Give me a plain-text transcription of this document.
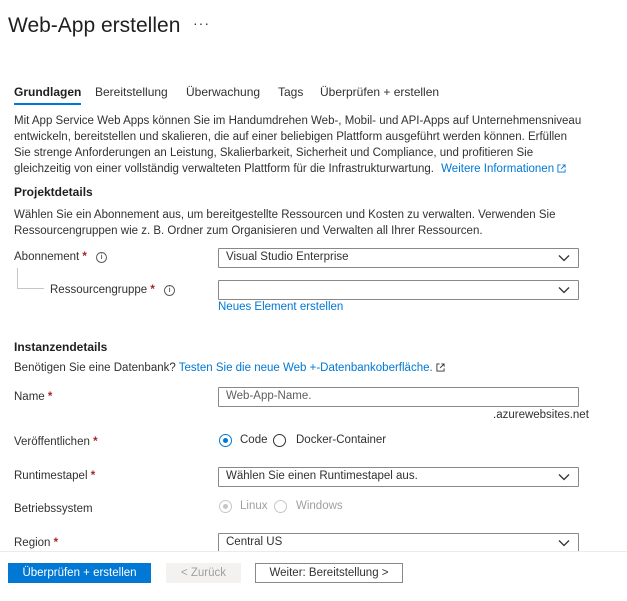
Web-App erstellen ···
Grundlagen Bereitstellung Überwachung Tags Überprüfen + erstellen
Mit App Service Web Apps können Sie im Handumdrehen Web-, Mobil- und API-Apps auf Unternehmensniveau entwickeln, bereitstellen und skalieren, die auf einer beliebigen Plattform ausgeführt werden können. Erfüllen Sie strenge Anforderungen an Leistung, Skalierbarkeit, Sicherheit und Compliance, und profitieren Sie gleichzeitig von einer vollständig verwalteten Plattform für die Infrastrukturwartung. Weitere Informationen
Projektdetails
Wählen Sie ein Abonnement aus, um bereitgestellte Ressourcen und Kosten zu verwalten. Verwenden Sie Ressourcengruppen wie z. B. Ordner zum Organisieren und Verwalten all Ihrer Ressourcen.
Abonnement * i	Visual Studio Enterprise
Ressourcengruppe * i
Neues Element erstellen
Instanzendetails
Benötigen Sie eine Datenbank? Testen Sie die neue Web +-Datenbankoberfläche.
Name *	Web-App-Name.
.azurewebsites.net
Veröffentlichen *	Code Docker-Container
Runtimestapel *	Wählen Sie einen Runtimestapel aus.
Betriebssystem	Linux Windows
Region *	Central US
Überprüfen + erstellen	< Zurück	Weiter: Bereitstellung >
